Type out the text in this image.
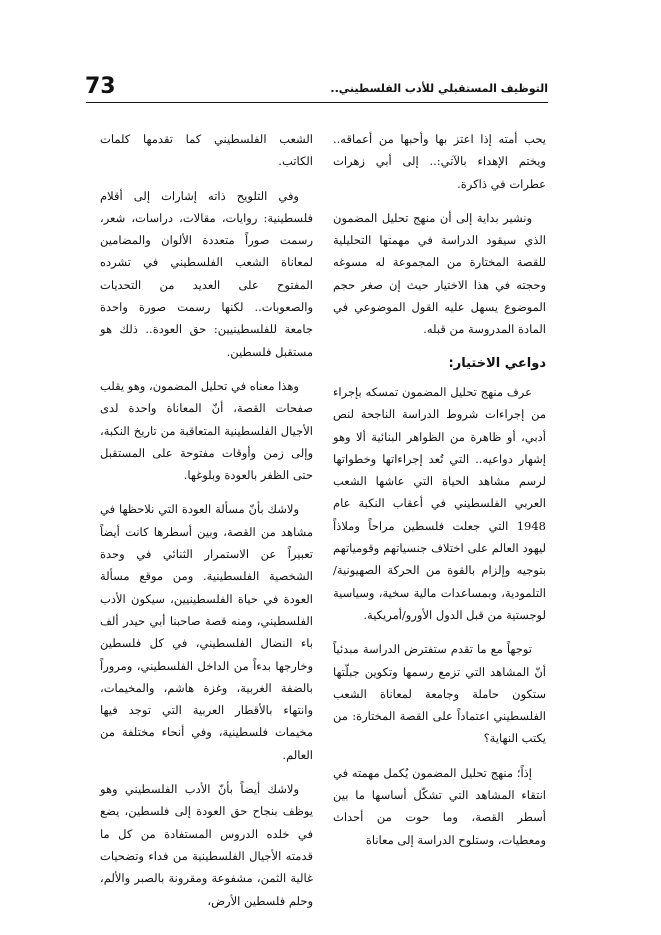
73	التوظيف المستقبلي للأدب الفلسطيني..

يحب أمته إذا اعتز بها وأحبها من أعماقه.. ويختم الإهداء بالآتي:.. إلى أبي زهرات عطرات في ذاكرة.

ونشير بداية إلى أن منهج تحليل المضمون الذي سيقود الدراسة في مهمتها التحليلية للقصة المختارة من المجموعة له مسوغه وحجته في هذا الاختيار حيث إن صغر حجم الموضوع يسهل عليه القول الموضوعي في المادة المدروسة من قبله.

دواعي الاختيار:

عرف منهج تحليل المضمون تمسكه بإجراء من إجراءات شروط الدراسة الناجحة لنص أدبي، أو ظاهرة من الظواهر البنائية ألا وهو إشهار دواعيه.. التي تُعد إجراءاتها وخطواتها لرسم مشاهد الحياة التي عاشها الشعب العربي الفلسطيني في أعقاب النكبة عام 1948 التي جعلت فلسطين مراحاً وملاذاً ليهود العالم على اختلاف جنسياتهم وقومياتهم بتوجيه وإلزام بالقوة من الحركة الصهيونية/ التلمودية، وبمساعدات مالية سخية، وسياسية لوجستية من قبل الدول الأورو/أمريكية.

توجهاً مع ما تقدم ستفترض الدراسة مبدئياً أنّ المشاهد التي تزمع رسمها وتكوين جبلّتها ستكون حاملة وجامعة لمعاناة الشعب الفلسطيني اعتماداً على القصة المختارة: من يكتب النهاية؟

إذاً؛ منهج تحليل المضمون يُكمل مهمته في انتقاء المشاهد التي تشكّل أساسها ما بين أسطر القصة، وما حوت من أحداث ومعطيات، وستلوح الدراسة إلى معاناة

الشعب الفلسطيني كما تقدمها كلمات الكاتب.

وفي التلويح ذاته إشارات إلى أقلام فلسطينية: روايات، مقالات، دراسات، شعر، رسمت صوراً متعددة الألوان والمضامين لمعاناة الشعب الفلسطيني في تشرده المفتوح على العديد من التحديات والصعوبات.. لكنها رسمت صورة واحدة جامعة للفلسطينيين: حق العودة.. ذلك هو مستقبل فلسطين.

وهذا معناه في تحليل المضمون، وهو يقلب صفحات القصة، أنّ المعاناة واحدة لدى الأجيال الفلسطينية المتعاقبة من تاريخ النكبة، وإلى زمن وأوقات مفتوحة على المستقبل حتى الظفر بالعودة وبلوغها.

ولاشك بأنّ مسألة العودة التي نلاحظها في مشاهد من القصة، وبين أسطرها كانت أيضاً تعبيراً عن الاستمرار الثنائي في وحدة الشخصية الفلسطينية. ومن موقع مسألة العودة في حياة الفلسطينيين، سيكون الأدب الفلسطيني، ومنه قصة صاحبنا أبي حيدر ألف باء النضال الفلسطيني، في كل فلسطين وخارجها بدءاً من الداخل الفلسطيني، ومروراً بالضفة الغربية، وغزة هاشم، والمخيمات، وانتهاء بالأقطار العربية التي توجد فيها مخيمات فلسطينية، وفي أنحاء مختلفة من العالم.

ولاشك أيضاً بأنّ الأدب الفلسطيني وهو يوظف بنجاح حق العودة إلى فلسطين، يضع في خلده الدروس المستفادة من كل ما قدمته الأجيال الفلسطينية من فداء وتضحيات غالية الثمن، مشفوعة ومقرونة بالصبر والألم، وحلم فلسطين الأرض،
